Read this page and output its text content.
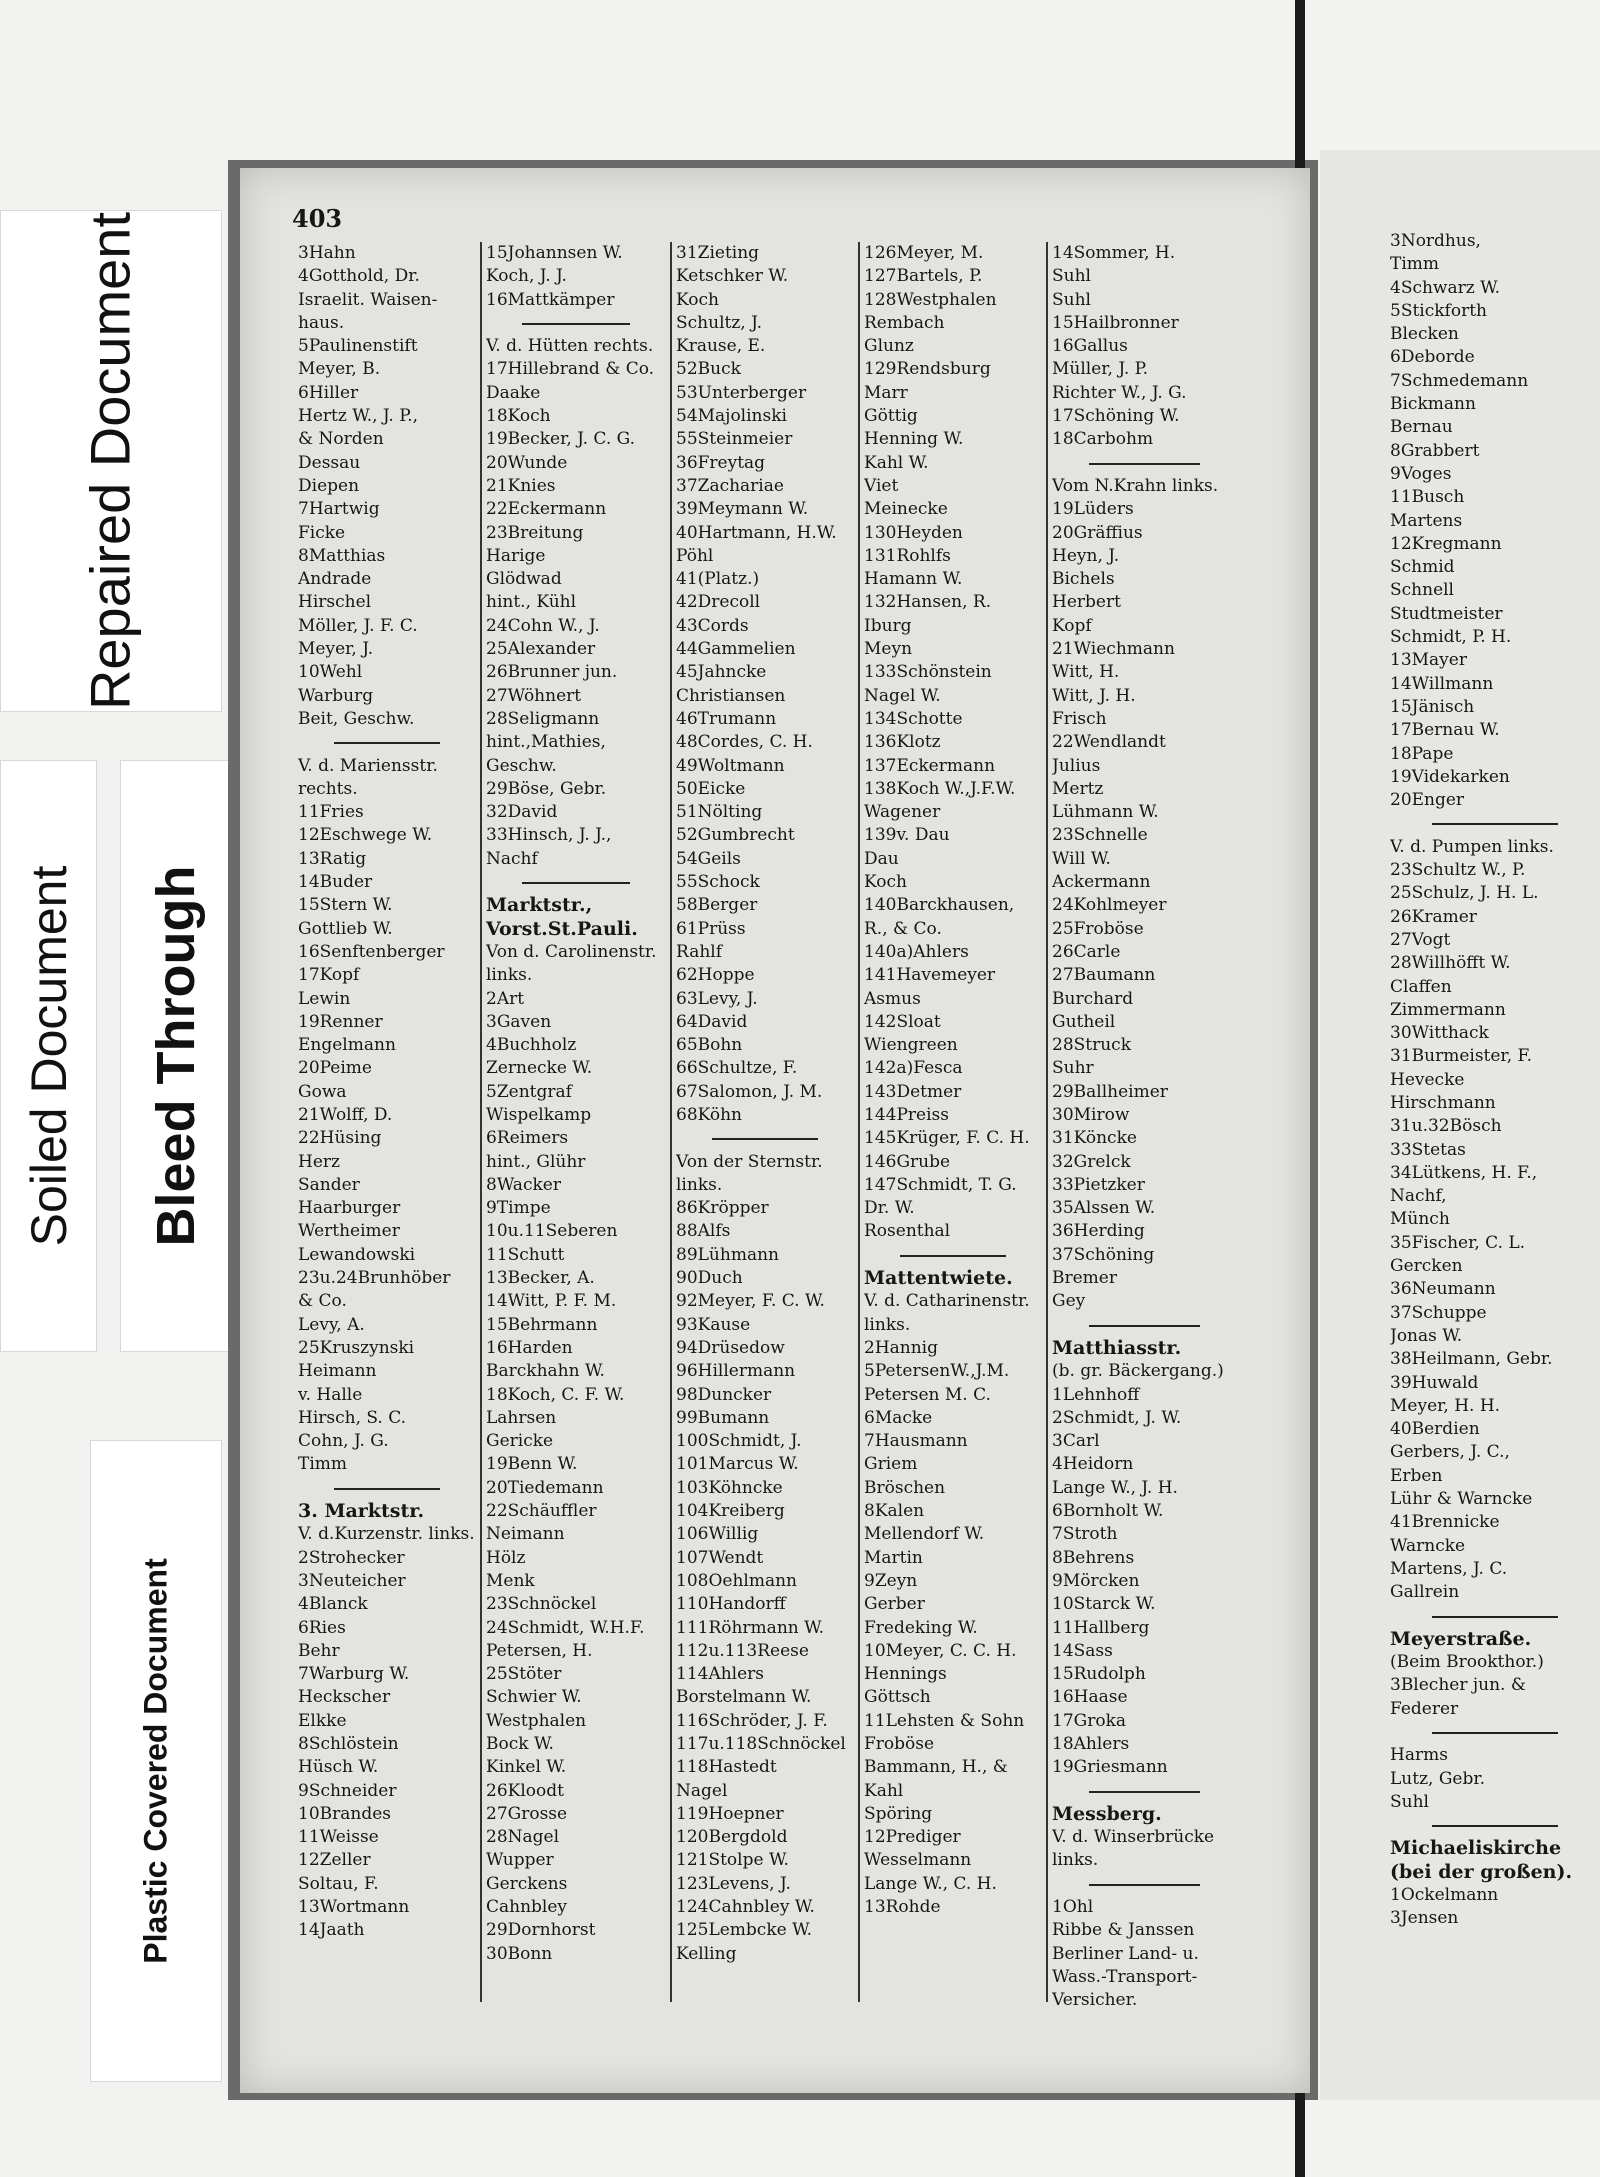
Repaired Document
Soiled Document Bleed Through
Plastic Covered Document
403
3Hahn
4Gotthold, Dr.
Israelit. Waisen-
haus.
5Paulinenstift
Meyer, B.
6Hiller
Hertz W., J. P.,
& Norden
Dessau
Diepen
7Hartwig
Ficke
8Matthias
Andrade
Hirschel
Möller, J. F. C.
Meyer, J.
10Wehl
Warburg
Beit, Geschw.
V. d. Mariensstr.
rechts.
11Fries
12Eschwege W.
13Ratig
14Buder
15Stern W.
Gottlieb W.
16Senftenberger
17Kopf
Lewin
19Renner
Engelmann
20Peime
Gowa
21Wolff, D.
22Hüsing
Herz
Sander
Haarburger
Wertheimer
Lewandowski
23u.24Brunhöber
& Co.
Levy, A.
25Kruszynski
Heimann
v. Halle
Hirsch, S. C.
Cohn, J. G.
Timm
3. Marktstr.
V. d.Kurzenstr. links.
2Strohecker
3Neuteicher
4Blanck
6Ries
Behr
7Warburg W.
Heckscher
Elkke
8Schlöstein
Hüsch W.
9Schneider
10Brandes
11Weisse
12Zeller
Soltau, F.
13Wortmann
14Jaath
15Johannsen W.
Koch, J. J.
16Mattkämper
V. d. Hütten rechts.
17Hillebrand & Co.
Daake
18Koch
19Becker, J. C. G.
20Wunde
21Knies
22Eckermann
23Breitung
Harige
Glödwad
hint., Kühl
24Cohn W., J.
25Alexander
26Brunner jun.
27Wöhnert
28Seligmann
hint.,Mathies,
Geschw.
29Böse, Gebr.
32David
33Hinsch, J. J.,
Nachf
Marktstr.,
Vorst.St.Pauli.
Von d. Carolinenstr.
links.
2Art
3Gaven
4Buchholz
Zernecke W.
5Zentgraf
Wispelkamp
6Reimers
hint., Glühr
8Wacker
9Timpe
10u.11Seberen
11Schutt
13Becker, A.
14Witt, P. F. M.
15Behrmann
16Harden
Barckhahn W.
18Koch, C. F. W.
Lahrsen
Gericke
19Benn W.
20Tiedemann
22Schäuffler
Neimann
Hölz
Menk
23Schnöckel
24Schmidt, W.H.F.
Petersen, H.
25Stöter
Schwier W.
Westphalen
Bock W.
Kinkel W.
26Kloodt
27Grosse
28Nagel
Wupper
Gerckens
Cahnbley
29Dornhorst
30Bonn
31Zieting
Ketschker W.
Koch
Schultz, J.
Krause, E.
52Buck
53Unterberger
54Majolinski
55Steinmeier
36Freytag
37Zachariae
39Meymann W.
40Hartmann, H.W.
Pöhl
41(Platz.)
42Drecoll
43Cords
44Gammelien
45Jahncke
Christiansen
46Trumann
48Cordes, C. H.
49Woltmann
50Eicke
51Nölting
52Gumbrecht
54Geils
55Schock
58Berger
61Prüss
Rahlf
62Hoppe
63Levy, J.
64David
65Bohn
66Schultze, F.
67Salomon, J. M.
68Köhn
Von der Sternstr.
links.
86Kröpper
88Alfs
89Lühmann
90Duch
92Meyer, F. C. W.
93Kause
94Drüsedow
96Hillermann
98Duncker
99Bumann
100Schmidt, J.
101Marcus W.
103Köhncke
104Kreiberg
106Willig
107Wendt
108Oehlmann
110Handorff
111Röhrmann W.
112u.113Reese
114Ahlers
Borstelmann W.
116Schröder, J. F.
117u.118Schnöckel
118Hastedt
Nagel
119Hoepner
120Bergdold
121Stolpe W.
123Levens, J.
124Cahnbley W.
125Lembcke W.
Kelling
126Meyer, M.
127Bartels, P.
128Westphalen
Rembach
Glunz
129Rendsburg
Marr
Göttig
Henning W.
Kahl W.
Viet
Meinecke
130Heyden
131Rohlfs
Hamann W.
132Hansen, R.
Iburg
Meyn
133Schönstein
Nagel W.
134Schotte
136Klotz
137Eckermann
138Koch W.,J.F.W.
Wagener
139v. Dau
Dau
Koch
140Barckhausen,
R., & Co.
140a)Ahlers
141Havemeyer
Asmus
142Sloat
Wiengreen
142a)Fesca
143Detmer
144Preiss
145Krüger, F. C. H.
146Grube
147Schmidt, T. G.
Dr. W.
Rosenthal
Mattentwiete.
V. d. Catharinenstr.
links.
2Hannig
5PetersenW.,J.M.
Petersen M. C.
6Macke
7Hausmann
Griem
Bröschen
8Kalen
Mellendorf W.
Martin
9Zeyn
Gerber
Fredeking W.
10Meyer, C. C. H.
Hennings
Göttsch
11Lehsten & Sohn
Froböse
Bammann, H., &
Kahl
Spöring
12Prediger
Wesselmann
Lange W., C. H.
13Rohde
14Sommer, H.
Suhl
Suhl
15Hailbronner
16Gallus
Müller, J. P.
Richter W., J. G.
17Schöning W.
18Carbohm
Vom N.Krahn links.
19Lüders
20Gräffius
Heyn, J.
Bichels
Herbert
Kopf
21Wiechmann
Witt, H.
Witt, J. H.
Frisch
22Wendlandt
Julius
Mertz
Lühmann W.
23Schnelle
Will W.
Ackermann
24Kohlmeyer
25Froböse
26Carle
27Baumann
Burchard
Gutheil
28Struck
Suhr
29Ballheimer
30Mirow
31Köncke
32Grelck
33Pietzker
35Alssen W.
36Herding
37Schöning
Bremer
Gey
Matthiasstr.
(b. gr. Bäckergang.)
1Lehnhoff
2Schmidt, J. W.
3Carl
4Heidorn
Lange W., J. H.
6Bornholt W.
7Stroth
8Behrens
9Mörcken
10Starck W.
11Hallberg
14Sass
15Rudolph
16Haase
17Groka
18Ahlers
19Griesmann
Messberg.
V. d. Winserbrücke
links.
1Ohl
Ribbe & Janssen
Berliner Land- u.
Wass.-Transport-
Versicher.
3Nordhus,
Timm
4Schwarz W.
5Stickforth
Blecken
6Deborde
7Schmedemann
Bickmann
Bernau
8Grabbert
9Voges
11Busch
Martens
12Kregmann
Schmid
Schnell
Studtmeister
Schmidt, P. H.
13Mayer
14Willmann
15Jänisch
17Bernau W.
18Pape
19Videkarken
20Enger
V. d. Pumpen links.
23Schultz W., P.
25Schulz, J. H. L.
26Kramer
27Vogt
28Willhöfft W.
Claffen
Zimmermann
30Witthack
31Burmeister, F.
Hevecke
Hirschmann
31u.32Bösch
33Stetas
34Lütkens, H. F.,
Nachf,
Münch
35Fischer, C. L.
Gercken
36Neumann
37Schuppe
Jonas W.
38Heilmann, Gebr.
39Huwald
Meyer, H. H.
40Berdien
Gerbers, J. C.,
Erben
Lühr & Warncke
41Brennicke
Warncke
Martens, J. C.
Gallrein
Meyerstraße.
(Beim Brookthor.)
3Blecher jun. &
Federer
Harms
Lutz, Gebr.
Suhl
Michaeliskirche
(bei der großen).
1Ockelmann
3Jensen
